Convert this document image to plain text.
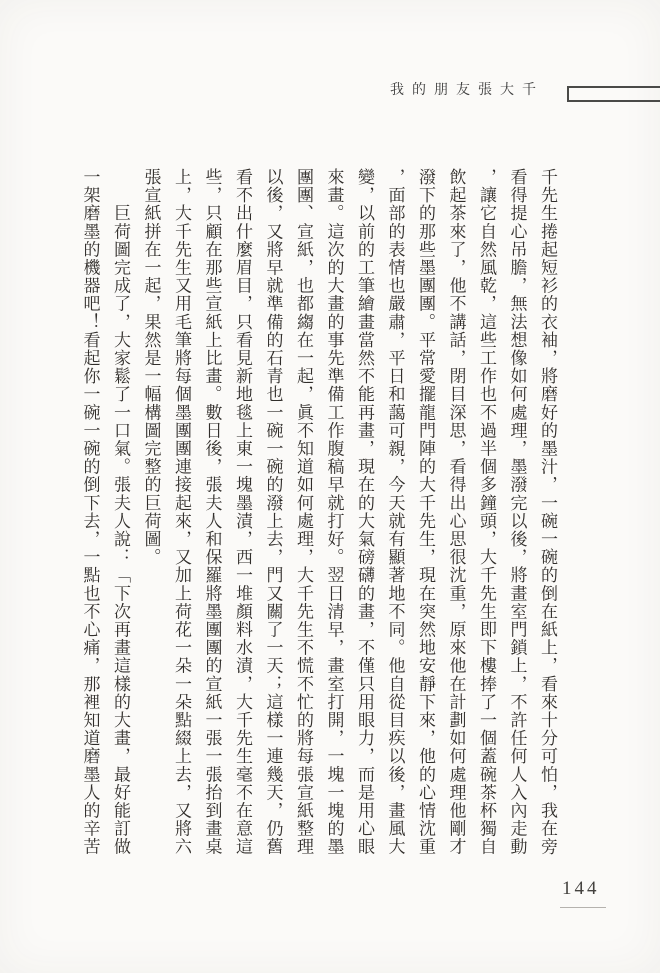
我的朋友張大千

千先生捲起短衫的衣袖，將磨好的墨汁，一碗一碗的倒在紙上，看來十分可怕，我在旁

看得提心吊膽，無法想像如何處理，墨潑完以後，將畫室門鎖上，不許任何人入內走動

，讓它自然風乾，這些工作也不過半個多鐘頭，大千先生即下樓捧了一個蓋碗茶杯獨自

飲起茶來了，他不講話，閉目深思，看得出心思很沈重，原來他在計劃如何處理他剛才

潑下的那些墨團團。平常愛擺龍門陣的大千先生，現在突然地安靜下來，他的心情沈重

，面部的表情也嚴肅，平日和藹可親，今天就有顯著地不同。他自從目疾以後，畫風大

變，以前的工筆繪畫當然不能再畫，現在的大氣磅礴的畫，不僅只用眼力，而是用心眼

來畫。這次的大畫的事先準備工作腹稿早就打好。翌日清早，畫室打開，一塊一塊的墨

團團、宣紙，也都縐在一起，眞不知道如何處理，大千先生不慌不忙的將每張宣紙整理

以後，又將早就準備的石青也一碗一碗的潑上去，門又關了一天；這樣一連幾天，仍舊

看不出什麼眉目，只看見新地毯上東一塊墨漬，西一堆顏料水漬，大千先生毫不在意這

些，只顧在那些宣紙上比畫。數日後，張夫人和保羅將墨團團的宣紙一張一張抬到畫桌

上，大千先生又用毛筆將每個墨團團連接起來，又加上荷花一朵一朵點綴上去，又將六

張宣紙拼在一起，果然是一幅構圖完整的巨荷圖。

　　巨荷圖完成了，大家鬆了一口氣。張夫人說：「下次再畫這樣的大畫，最好能訂做

一架磨墨的機器吧！看起你一碗一碗的倒下去，一點也不心痛，那裡知道磨墨人的辛苦

144
